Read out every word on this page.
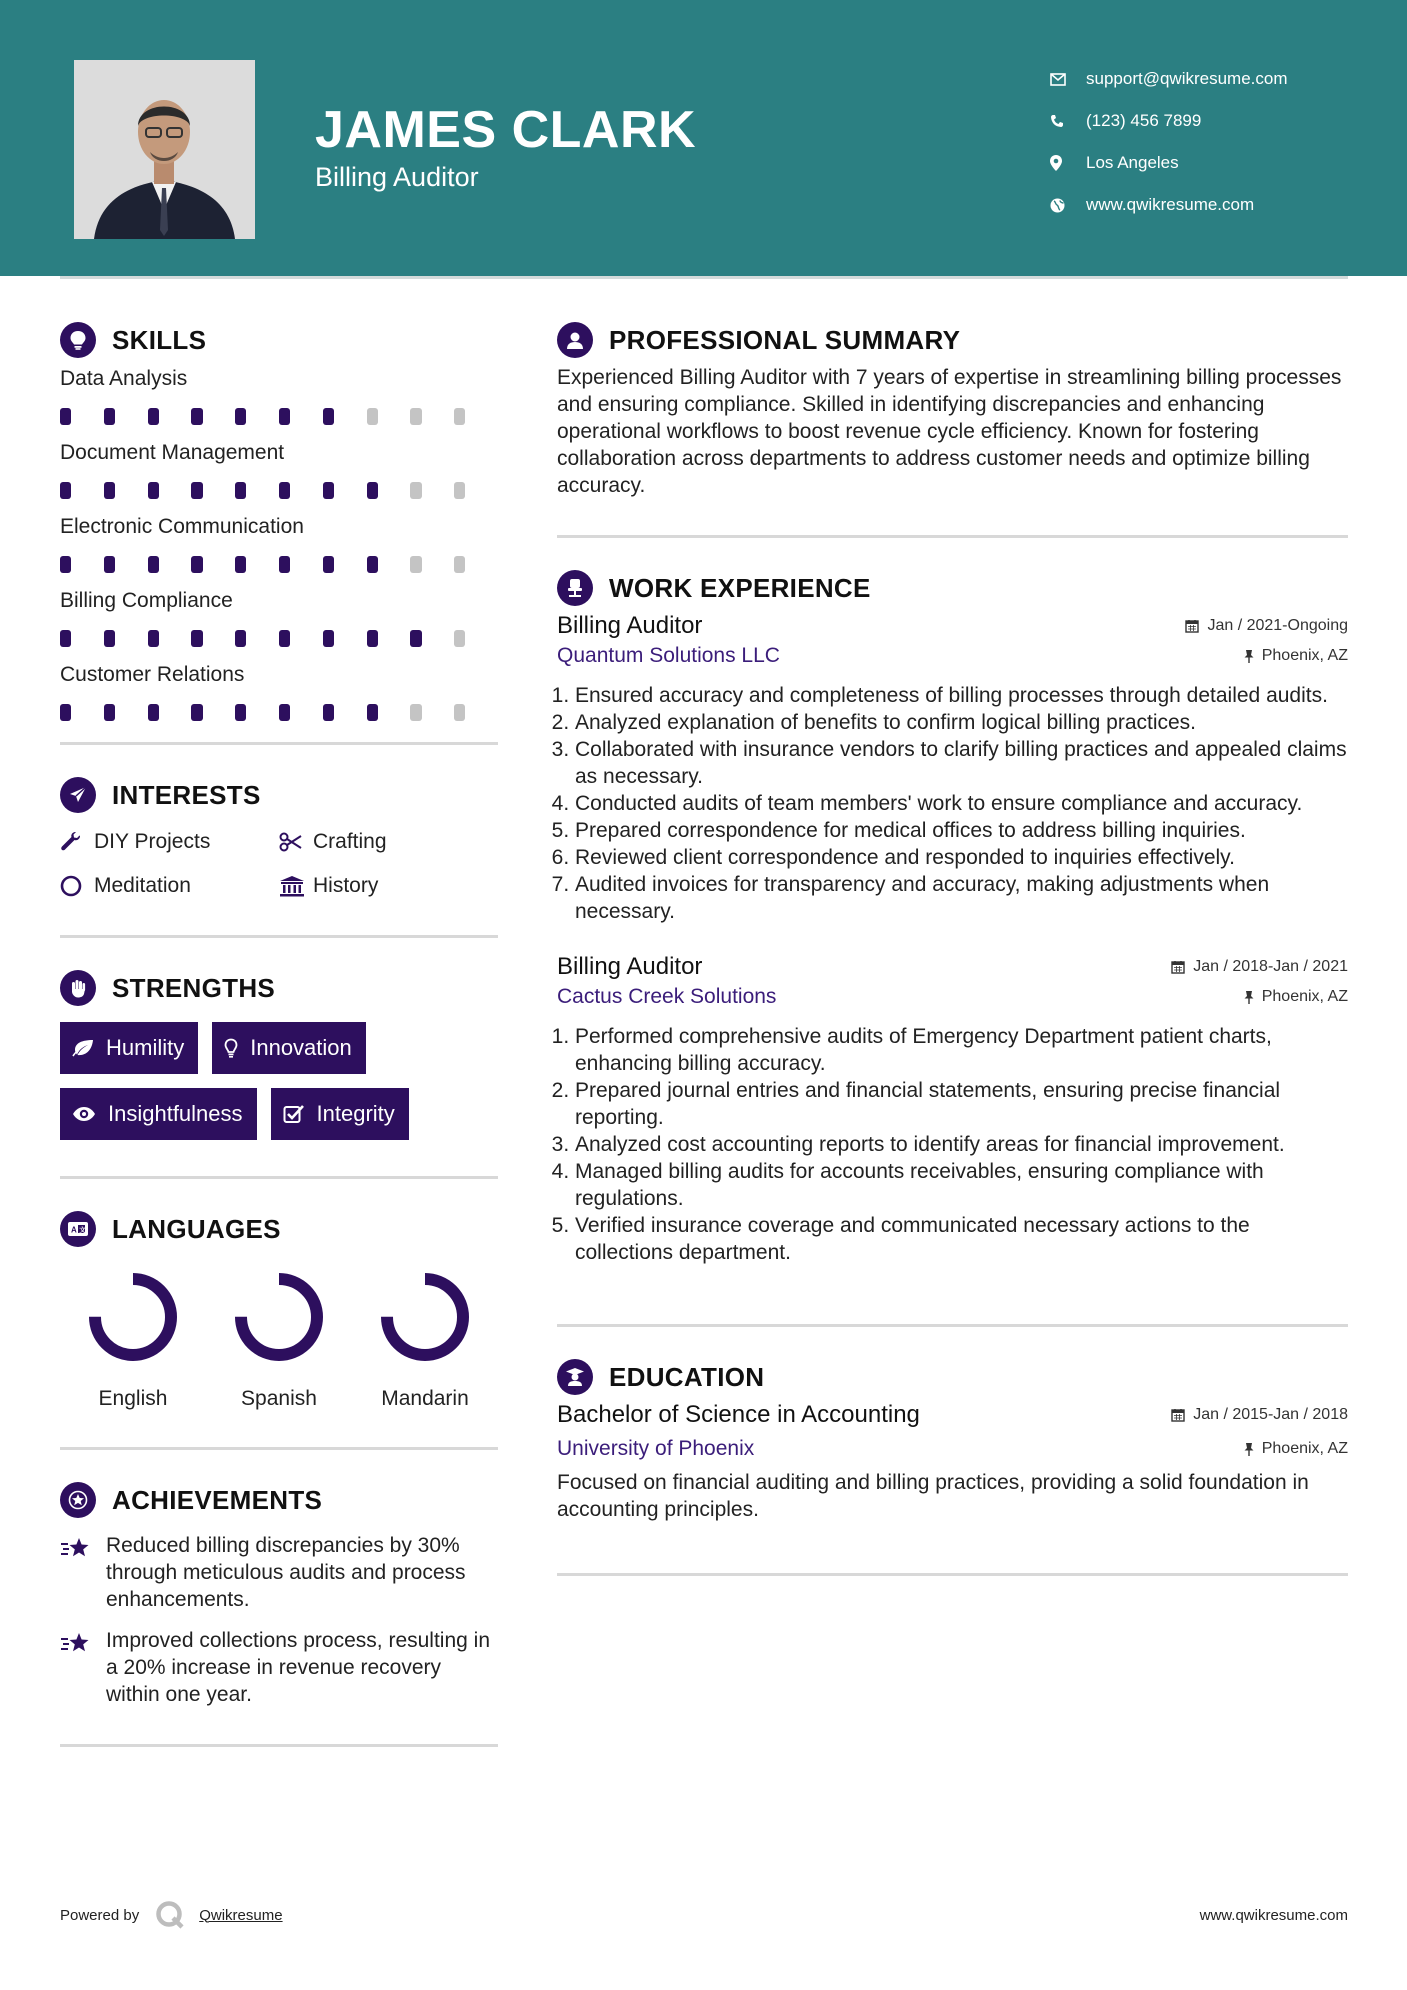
JAMES CLARK
Billing Auditor
support@qwikresume.com
(123) 456 7899
Los Angeles
www.qwikresume.com
SKILLS
Data Analysis
Document Management
Electronic Communication
Billing Compliance
Customer Relations
INTERESTS
DIY Projects	Crafting
Meditation	History
STRENGTHS
Humility	Innovation
Insightfulness	Integrity
A 文 LANGUAGES
English	Spanish	Mandarin
ACHIEVEMENTS
Reduced billing discrepancies by 30% through meticulous audits and process enhancements.
Improved collections process, resulting in a 20% increase in revenue recovery within one year.
PROFESSIONAL SUMMARY

Experienced Billing Auditor with 7 years of expertise in streamlining billing processes and ensuring compliance. Skilled in identifying discrepancies and enhancing operational workflows to boost revenue cycle efficiency. Known for fostering collaboration across departments to address customer needs and optimize billing accuracy.

WORK EXPERIENCE
Billing Auditor	Jan / 2021-Ongoing
Quantum Solutions LLC	Phoenix, AZ
1. Ensured accuracy and completeness of billing processes through detailed audits.
2. Analyzed explanation of benefits to confirm logical billing practices.
3. Collaborated with insurance vendors to clarify billing practices and appealed claims as necessary.
4. Conducted audits of team members' work to ensure compliance and accuracy.
5. Prepared correspondence for medical offices to address billing inquiries.
6. Reviewed client correspondence and responded to inquiries effectively.
7. Audited invoices for transparency and accuracy, making adjustments when necessary.
Billing Auditor	Jan / 2018-Jan / 2021
Cactus Creek Solutions	Phoenix, AZ
1. Performed comprehensive audits of Emergency Department patient charts, enhancing billing accuracy.
2. Prepared journal entries and financial statements, ensuring precise financial reporting.
3. Analyzed cost accounting reports to identify areas for financial improvement.
4. Managed billing audits for accounts receivables, ensuring compliance with regulations.
5. Verified insurance coverage and communicated necessary actions to the collections department.
EDUCATION
Bachelor of Science in Accounting	Jan / 2015-Jan / 2018
University of Phoenix	Phoenix, AZ

Focused on financial auditing and billing practices, providing a solid foundation in accounting principles.

Powered by	Qwikresume	www.qwikresume.com
